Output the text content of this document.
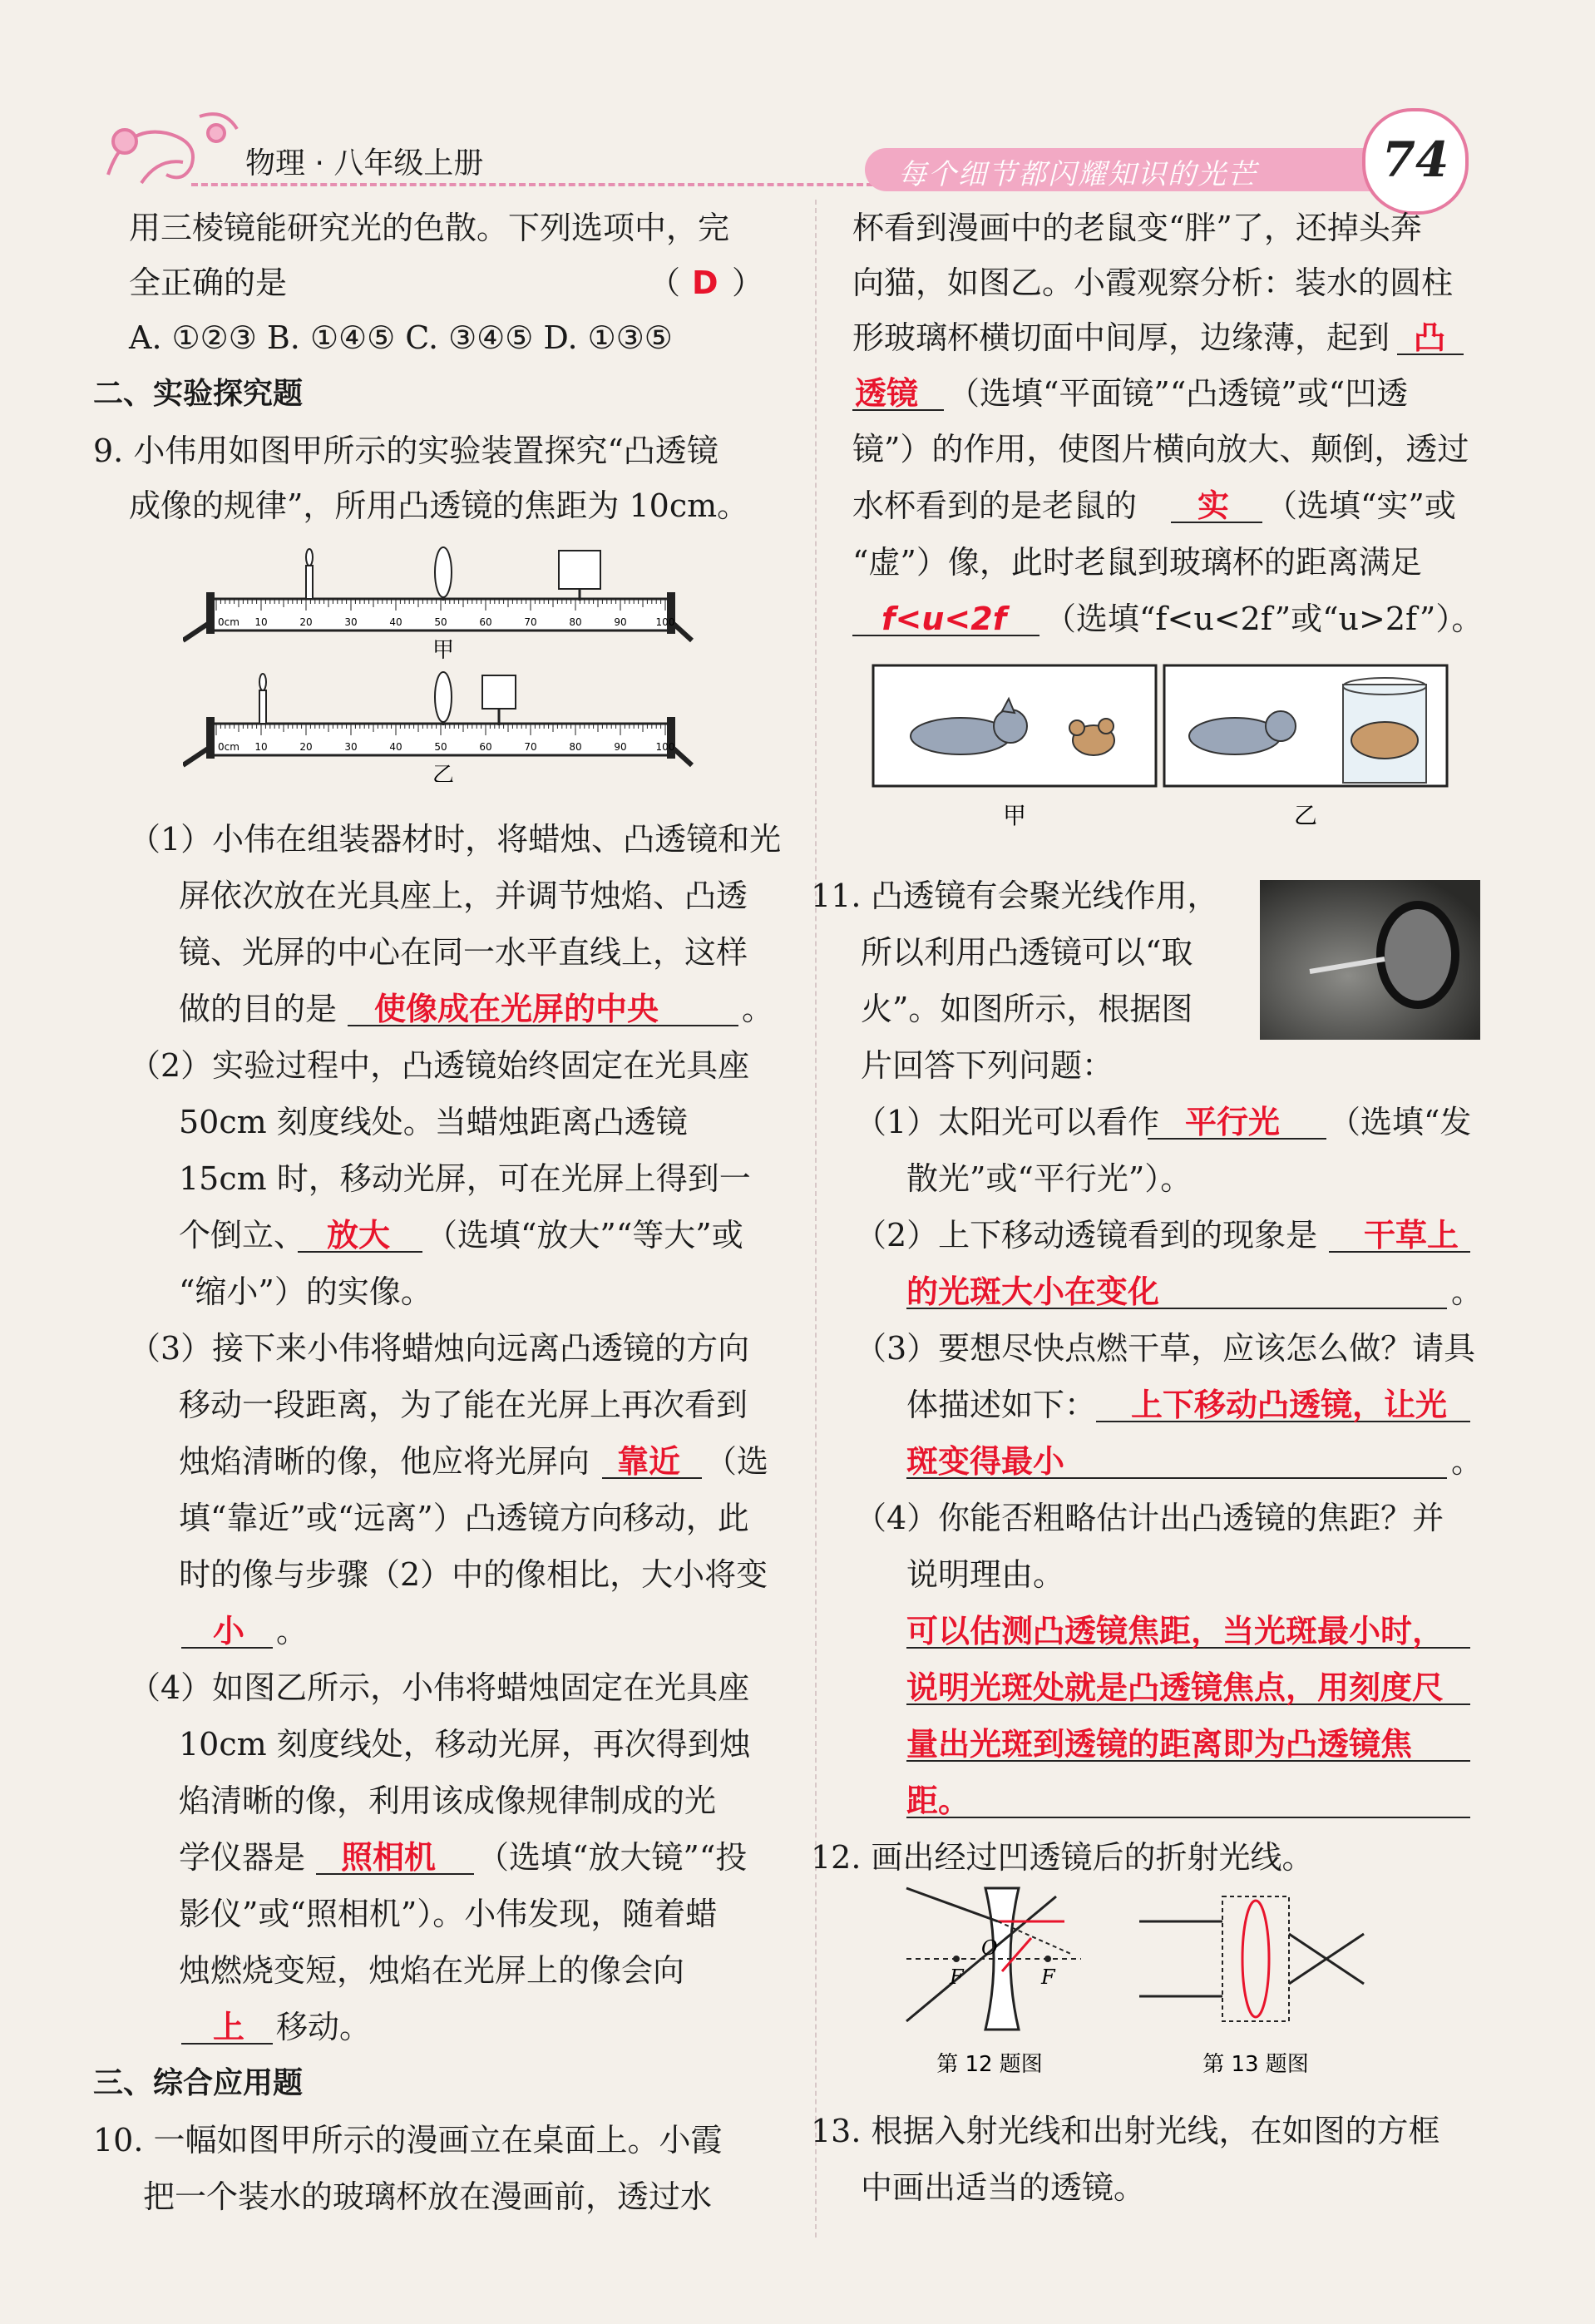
物理 · 八年级上册	每个细节都闪耀知识的光芒	74
用三棱镜能研究光的色散。下列选项中，完
全正确的是	（ D ）
A. ①②③ B. ①④⑤ C. ③④⑤ D. ①③⑤
二、实验探究题
9. 小伟用如图甲所示的实验装置探究“凸透镜
成像的规律”，所用凸透镜的焦距为 10cm。
0cm 10	20	30	40	50	60	70	80	90	100
甲
0cm 10	20	30	40	50	60	70	80	90	100
乙
（1）小伟在组装器材时，将蜡烛、凸透镜和光
屏依次放在光具座上，并调节烛焰、凸透
镜、光屏的中心在同一水平直线上，这样
做的目的是 使像成在光屏的中央	。
（2）实验过程中，凸透镜始终固定在光具座
50cm 刻度线处。当蜡烛距离凸透镜
15cm 时，移动光屏，可在光屏上得到一
个倒立、 放大 （选填“放大”“等大”或
“缩小”）的实像。
（3）接下来小伟将蜡烛向远离凸透镜的方向
移动一段距离，为了能在光屏上再次看到
烛焰清晰的像，他应将光屏向 靠近 （选
填“靠近”或“远离”）凸透镜方向移动，此
时的像与步骤（2）中的像相比，大小将变
小 。
（4）如图乙所示，小伟将蜡烛固定在光具座
10cm 刻度线处，移动光屏，再次得到烛
焰清晰的像，利用该成像规律制成的光
学仪器是 照相机 （选填“放大镜”“投
影仪”或“照相机”）。小伟发现，随着蜡
烛燃烧变短，烛焰在光屏上的像会向
上 移动。
三、综合应用题
10. 一幅如图甲所示的漫画立在桌面上。小霞
把一个装水的玻璃杯放在漫画前，透过水
杯看到漫画中的老鼠变“胖”了，还掉头奔
向猫，如图乙。小霞观察分析：装水的圆柱
形玻璃杯横切面中间厚，边缘薄，起到 凸
透镜 （选填“平面镜”“凸透镜”或“凹透
镜”）的作用，使图片横向放大、颠倒，透过
水杯看到的是老鼠的 实 （选填“实”或
“虚”）像，此时老鼠到玻璃杯的距离满足
f<u<2f （选填“f<u<2f”或“u>2f”）。
甲	乙
11. 凸透镜有会聚光线作用，
所以利用凸透镜可以“取
火”。如图所示，根据图
片回答下列问题：
（1）太阳光可以看作 平行光 （选填“发
散光”或“平行光”）。
（2）上下移动透镜看到的现象是 干草上
的光斑大小在变化	。
（3）要想尽快点燃干草，应该怎么做？请具
体描述如下： 上下移动凸透镜，让光
斑变得最小	。
（4）你能否粗略估计出凸透镜的焦距？并
说明理由。
可以估测凸透镜焦距，当光斑最小时，
说明光斑处就是凸透镜焦点，用刻度尺
量出光斑到透镜的距离即为凸透镜焦
距。
12. 画出经过凹透镜后的折射光线。
F	F
O
第 12 题图	第 13 题图
13. 根据入射光线和出射光线，在如图的方框
中画出适当的透镜。
